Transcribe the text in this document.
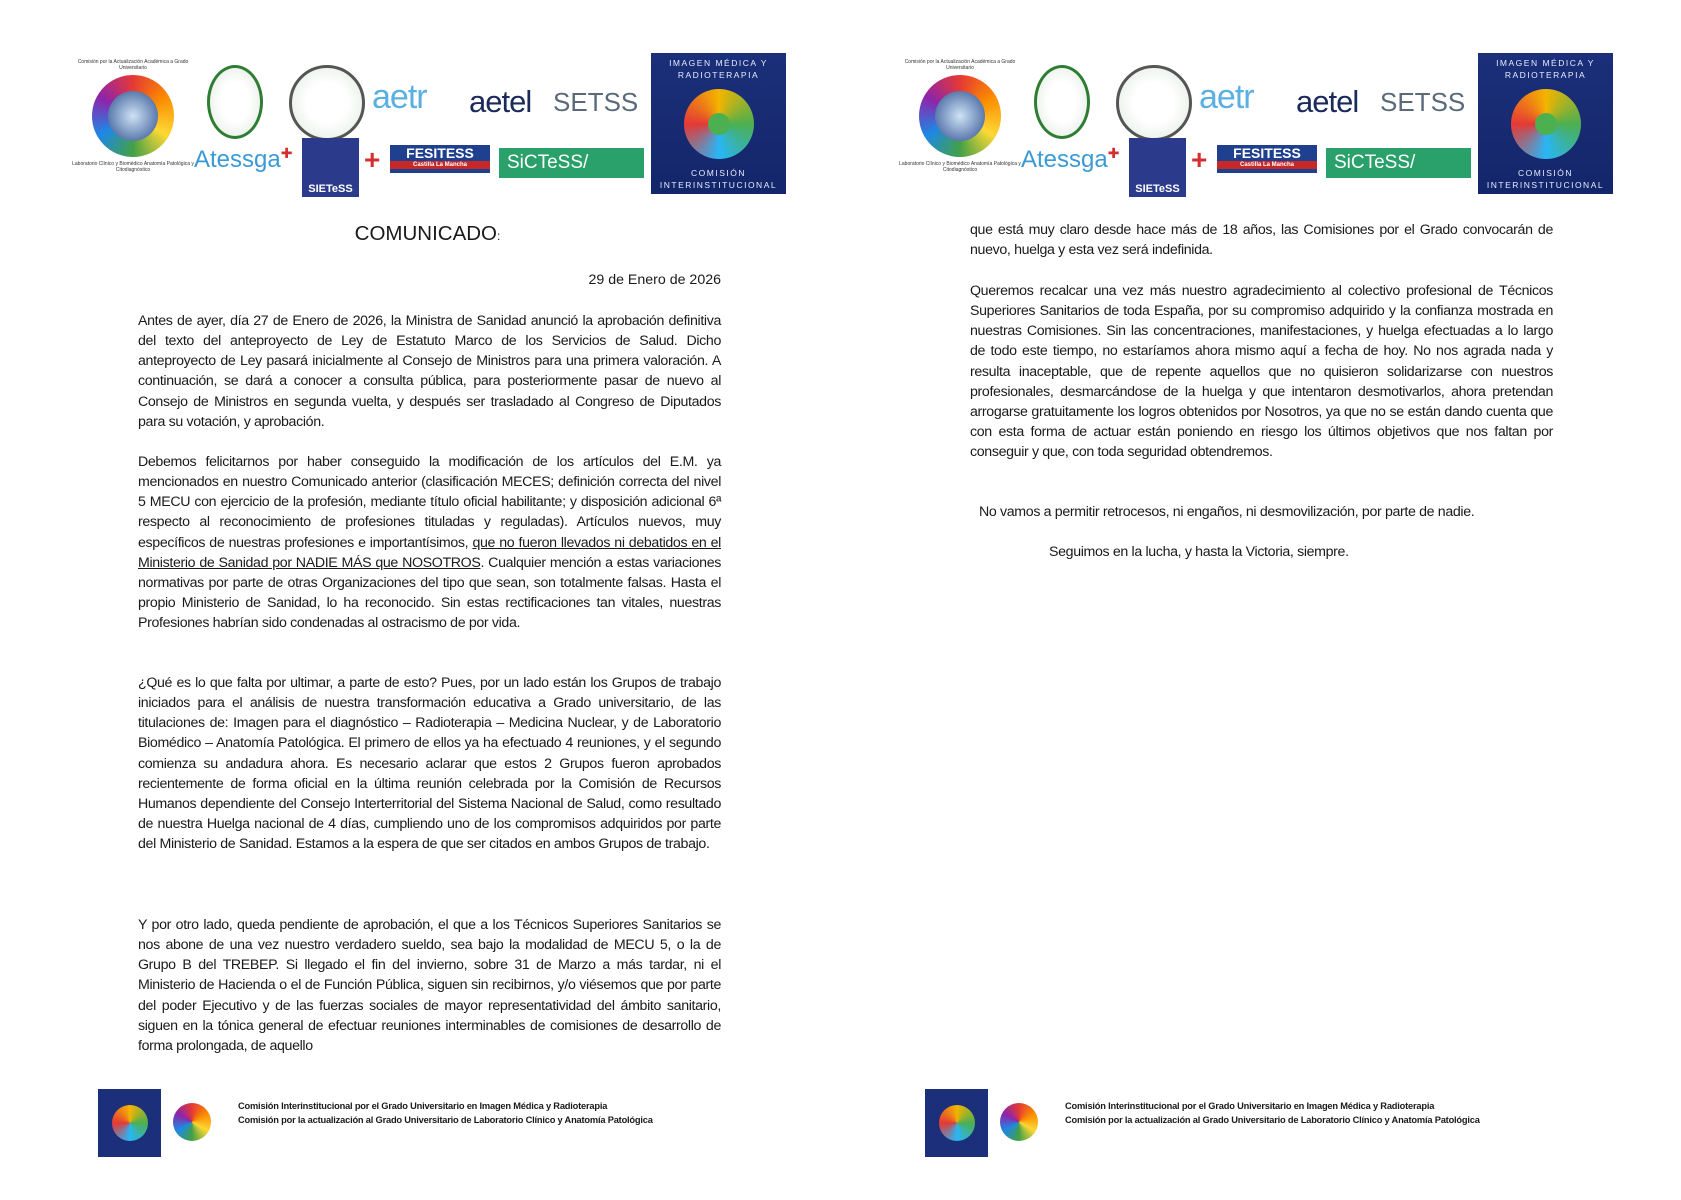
Comisión por la Actualización Académica a Grado Universitario
Laboratorio Clínico y Biomédico Anatomía Patológica y Citodiagnóstico
aetr aetel SETSS
Atessga✚
SIETeSS
+	FESITESS
Castilla La Mancha	SiCTeSS/
IMAGEN MÉDICA Y RADIOTERAPIA
COMISIÓN INTERINSTITUCIONAL
COMUNICADO:
29 de Enero de 2026

Antes de ayer, día 27 de Enero de 2026, la Ministra de Sanidad anunció la aprobación definitiva del texto del anteproyecto de Ley de Estatuto Marco de los Servicios de Salud. Dicho anteproyecto de Ley pasará inicialmente al Consejo de Ministros para una primera valoración. A continuación, se dará a conocer a consulta pública, para posteriormente pasar de nuevo al Consejo de Ministros en segunda vuelta, y después ser trasladado al Congreso de Diputados para su votación, y aprobación.

Debemos felicitarnos por haber conseguido la modificación de los artículos del E.M. ya mencionados en nuestro Comunicado anterior (clasificación MECES; definición correcta del nivel 5 MECU con ejercicio de la profesión, mediante título oficial habilitante; y disposición adicional 6ª respecto al reconocimiento de profesiones tituladas y reguladas). Artículos nuevos, muy específicos de nuestras profesiones e importantísimos, que no fueron llevados ni debatidos en el Ministerio de Sanidad por NADIE MÁS que NOSOTROS. Cualquier mención a estas variaciones normativas por parte de otras Organizaciones del tipo que sean, son totalmente falsas. Hasta el propio Ministerio de Sanidad, lo ha reconocido. Sin estas rectificaciones tan vitales, nuestras Profesiones habrían sido condenadas al ostracismo de por vida.

¿Qué es lo que falta por ultimar, a parte de esto? Pues, por un lado están los Grupos de trabajo iniciados para el análisis de nuestra transformación educativa a Grado universitario, de las titulaciones de: Imagen para el diagnóstico – Radioterapia – Medicina Nuclear, y de Laboratorio Biomédico – Anatomía Patológica. El primero de ellos ya ha efectuado 4 reuniones, y el segundo comienza su andadura ahora. Es necesario aclarar que estos 2 Grupos fueron aprobados recientemente de forma oficial en la última reunión celebrada por la Comisión de Recursos Humanos dependiente del Consejo Interterritorial del Sistema Nacional de Salud, como resultado de nuestra Huelga nacional de 4 días, cumpliendo uno de los compromisos adquiridos por parte del Ministerio de Sanidad. Estamos a la espera de que ser citados en ambos Grupos de trabajo.

Y por otro lado, queda pendiente de aprobación, el que a los Técnicos Superiores Sanitarios se nos abone de una vez nuestro verdadero sueldo, sea bajo la modalidad de MECU 5, o la de Grupo B del TREBEP. Si llegado el fin del invierno, sobre 31 de Marzo a más tardar, ni el Ministerio de Hacienda o el de Función Pública, siguen sin recibirnos, y/o viésemos que por parte del poder Ejecutivo y de las fuerzas sociales de mayor representatividad del ámbito sanitario, siguen en la tónica general de efectuar reuniones interminables de comisiones de desarrollo de forma prolongada, de aquello

Comisión Interinstitucional por el Grado Universitario en Imagen Médica y Radioterapia
Comisión por la actualización al Grado Universitario de Laboratorio Clínico y Anatomía Patológica
Comisión por la Actualización Académica a Grado Universitario
Laboratorio Clínico y Biomédico Anatomía Patológica y Citodiagnóstico
aetr aetel SETSS
Atessga✚
SIETeSS
+	FESITESS
Castilla La Mancha	SiCTeSS/
IMAGEN MÉDICA Y RADIOTERAPIA
COMISIÓN INTERINSTITUCIONAL

que está muy claro desde hace más de 18 años, las Comisiones por el Grado convocarán de nuevo, huelga y esta vez será indefinida.

Queremos recalcar una vez más nuestro agradecimiento al colectivo profesional de Técnicos Superiores Sanitarios de toda España, por su compromiso adquirido y la confianza mostrada en nuestras Comisiones. Sin las concentraciones, manifestaciones, y huelga efectuadas a lo largo de todo este tiempo, no estaríamos ahora mismo aquí a fecha de hoy. No nos agrada nada y resulta inaceptable, que de repente aquellos que no quisieron solidarizarse con nuestros profesionales, desmarcándose de la huelga y que intentaron desmotivarlos, ahora pretendan arrogarse gratuitamente los logros obtenidos por Nosotros, ya que no se están dando cuenta que con esta forma de actuar están poniendo en riesgo los últimos objetivos que nos faltan por conseguir y que, con toda seguridad obtendremos.

No vamos a permitir retrocesos, ni engaños, ni desmovilización, por parte de nadie.

Seguimos en la lucha, y hasta la Victoria, siempre.

Comisión Interinstitucional por el Grado Universitario en Imagen Médica y Radioterapia
Comisión por la actualización al Grado Universitario de Laboratorio Clínico y Anatomía Patológica
